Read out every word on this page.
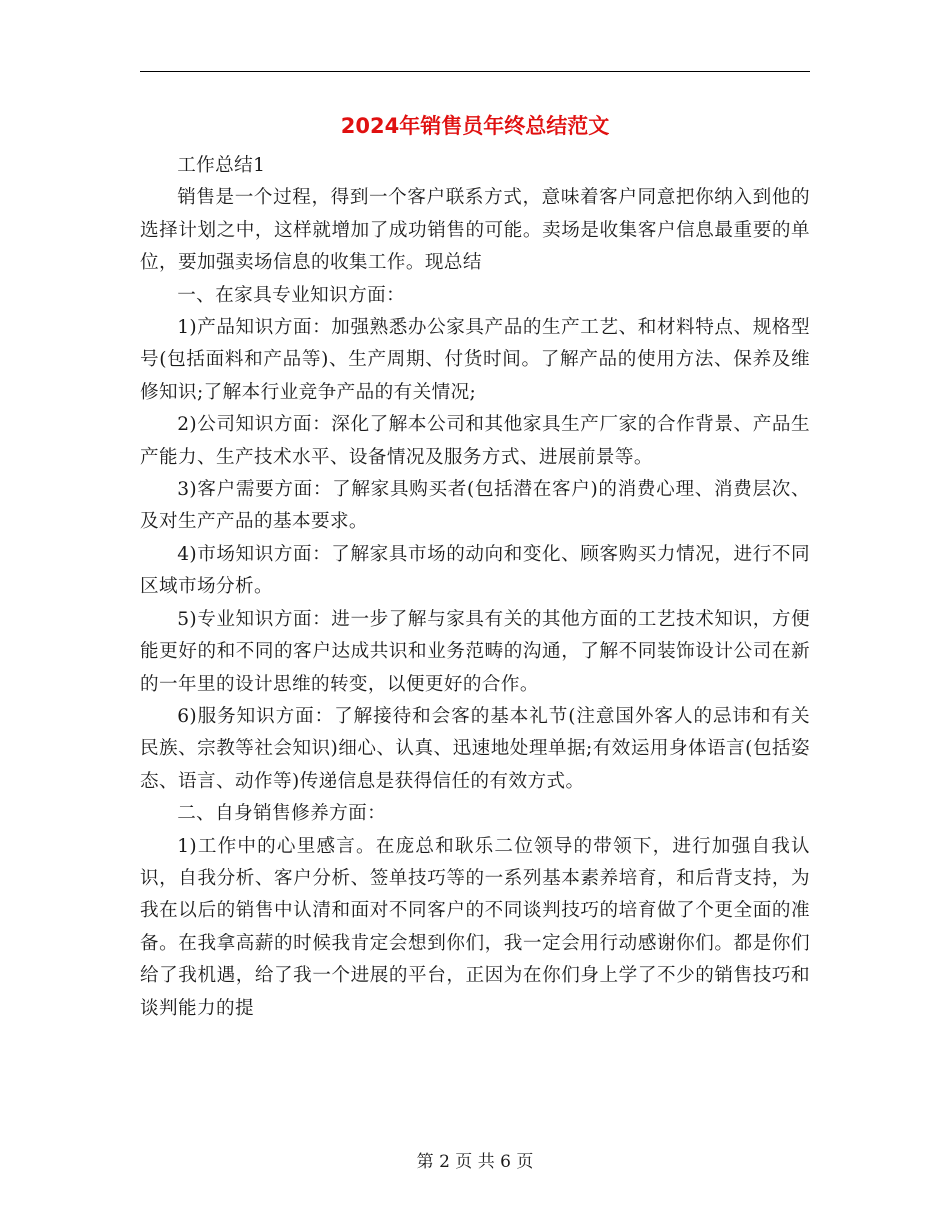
2024年销售员年终总结范文

工作总结1

销售是一个过程，得到一个客户联系方式，意味着客户同意把你纳入到他的选择计划之中，这样就增加了成功销售的可能。卖场是收集客户信息最重要的单位，要加强卖场信息的收集工作。现总结

一、在家具专业知识方面：

1)产品知识方面：加强熟悉办公家具产品的生产工艺、和材料特点、规格型号(包括面料和产品等)、生产周期、付货时间。了解产品的使用方法、保养及维修知识;了解本行业竞争产品的有关情况;

2)公司知识方面：深化了解本公司和其他家具生产厂家的合作背景、产品生产能力、生产技术水平、设备情况及服务方式、进展前景等。

3)客户需要方面：了解家具购买者(包括潜在客户)的消费心理、消费层次、及对生产产品的基本要求。

4)市场知识方面：了解家具市场的动向和变化、顾客购买力情况，进行不同区域市场分析。

5)专业知识方面：进一步了解与家具有关的其他方面的工艺技术知识，方便能更好的和不同的客户达成共识和业务范畴的沟通，了解不同装饰设计公司在新的一年里的设计思维的转变，以便更好的合作。

6)服务知识方面：了解接待和会客的基本礼节(注意国外客人的忌讳和有关民族、宗教等社会知识)细心、认真、迅速地处理单据;有效运用身体语言(包括姿态、语言、动作等)传递信息是获得信任的有效方式。

二、自身销售修养方面：

1)工作中的心里感言。在庞总和耿乐二位领导的带领下，进行加强自我认识，自我分析、客户分析、签单技巧等的一系列基本素养培育，和后背支持，为我在以后的销售中认清和面对不同客户的不同谈判技巧的培育做了个更全面的准备。在我拿高薪的时候我肯定会想到你们，我一定会用行动感谢你们。都是你们给了我机遇，给了我一个进展的平台，正因为在你们身上学了不少的销售技巧和谈判能力的提

第 2 页 共 6 页
